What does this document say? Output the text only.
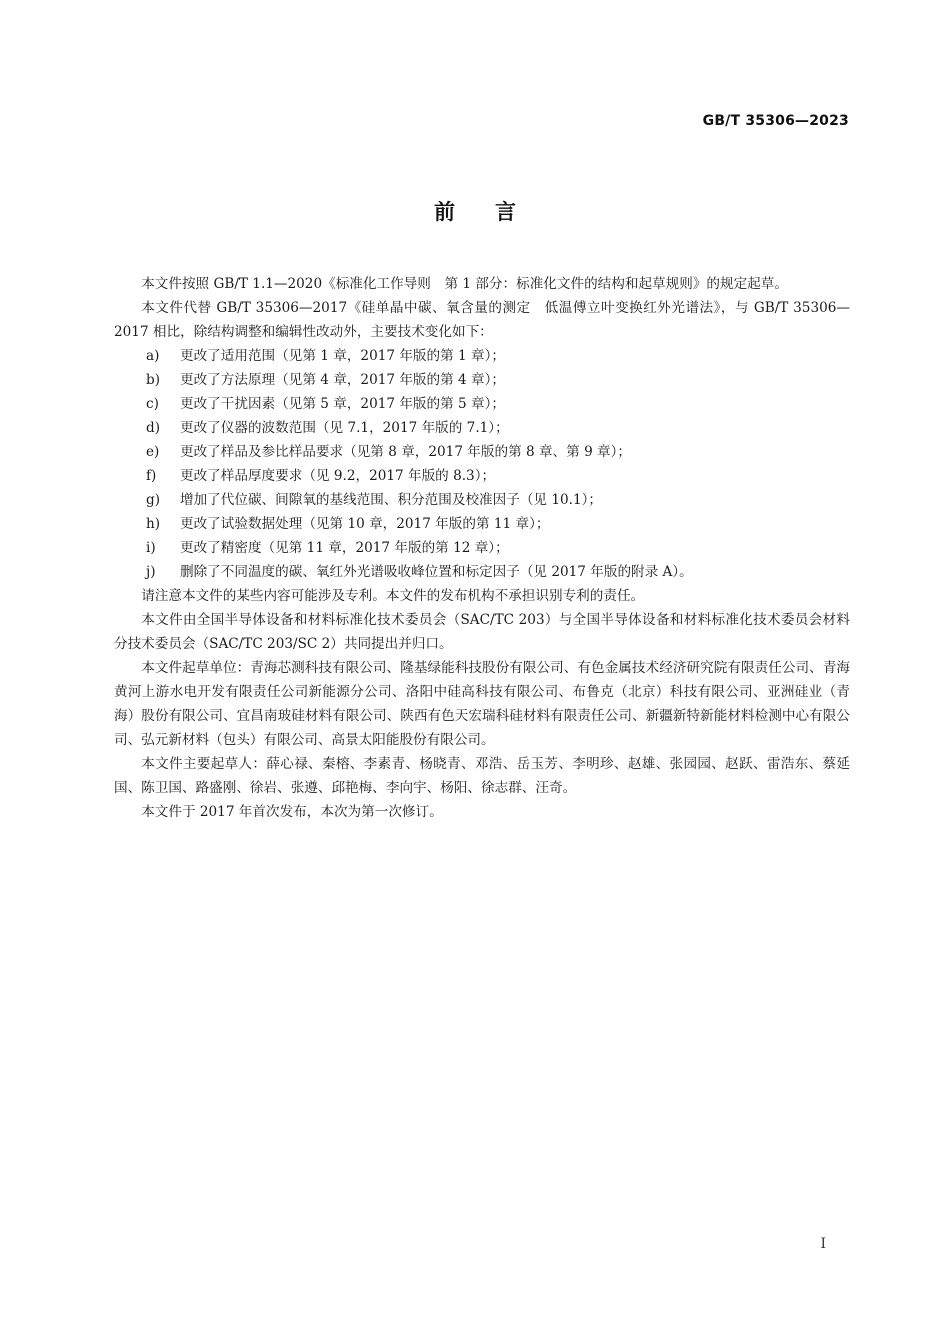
GB/T 35306—2023
前言

本文件按照 GB/T 1.1—2020《标准化工作导则　第 1 部分：标准化文件的结构和起草规则》的规定起草。

本文件代替 GB/T 35306—2017《硅单晶中碳、氧含量的测定　低温傅立叶变换红外光谱法》，与 GB/T 35306—2017 相比，除结构调整和编辑性改动外，主要技术变化如下：

a) 更改了适用范围（见第 1 章，2017 年版的第 1 章）；
b) 更改了方法原理（见第 4 章，2017 年版的第 4 章）；
c) 更改了干扰因素（见第 5 章，2017 年版的第 5 章）；
d) 更改了仪器的波数范围（见 7.1，2017 年版的 7.1）；
e) 更改了样品及参比样品要求（见第 8 章，2017 年版的第 8 章、第 9 章）；
f) 更改了样品厚度要求（见 9.2，2017 年版的 8.3）；
g) 增加了代位碳、间隙氧的基线范围、积分范围及校准因子（见 10.1）；
h) 更改了试验数据处理（见第 10 章，2017 年版的第 11 章）；
i) 更改了精密度（见第 11 章，2017 年版的第 12 章）；
j) 删除了不同温度的碳、氧红外光谱吸收峰位置和标定因子（见 2017 年版的附录 A）。

请注意本文件的某些内容可能涉及专利。本文件的发布机构不承担识别专利的责任。

本文件由全国半导体设备和材料标准化技术委员会（SAC/TC 203）与全国半导体设备和材料标准化技术委员会材料分技术委员会（SAC/TC 203/SC 2）共同提出并归口。

本文件起草单位：青海芯测科技有限公司、隆基绿能科技股份有限公司、有色金属技术经济研究院有限责任公司、青海黄河上游水电开发有限责任公司新能源分公司、洛阳中硅高科技有限公司、布鲁克（北京）科技有限公司、亚洲硅业（青海）股份有限公司、宜昌南玻硅材料有限公司、陕西有色天宏瑞科硅材料有限责任公司、新疆新特新能材料检测中心有限公司、弘元新材料（包头）有限公司、高景太阳能股份有限公司。

本文件主要起草人：薛心禄、秦榕、李素青、杨晓青、邓浩、岳玉芳、李明珍、赵雄、张园园、赵跃、雷浩东、蔡延国、陈卫国、路盛刚、徐岩、张遵、邱艳梅、李向宇、杨阳、徐志群、汪奇。

本文件于 2017 年首次发布，本次为第一次修订。

I
